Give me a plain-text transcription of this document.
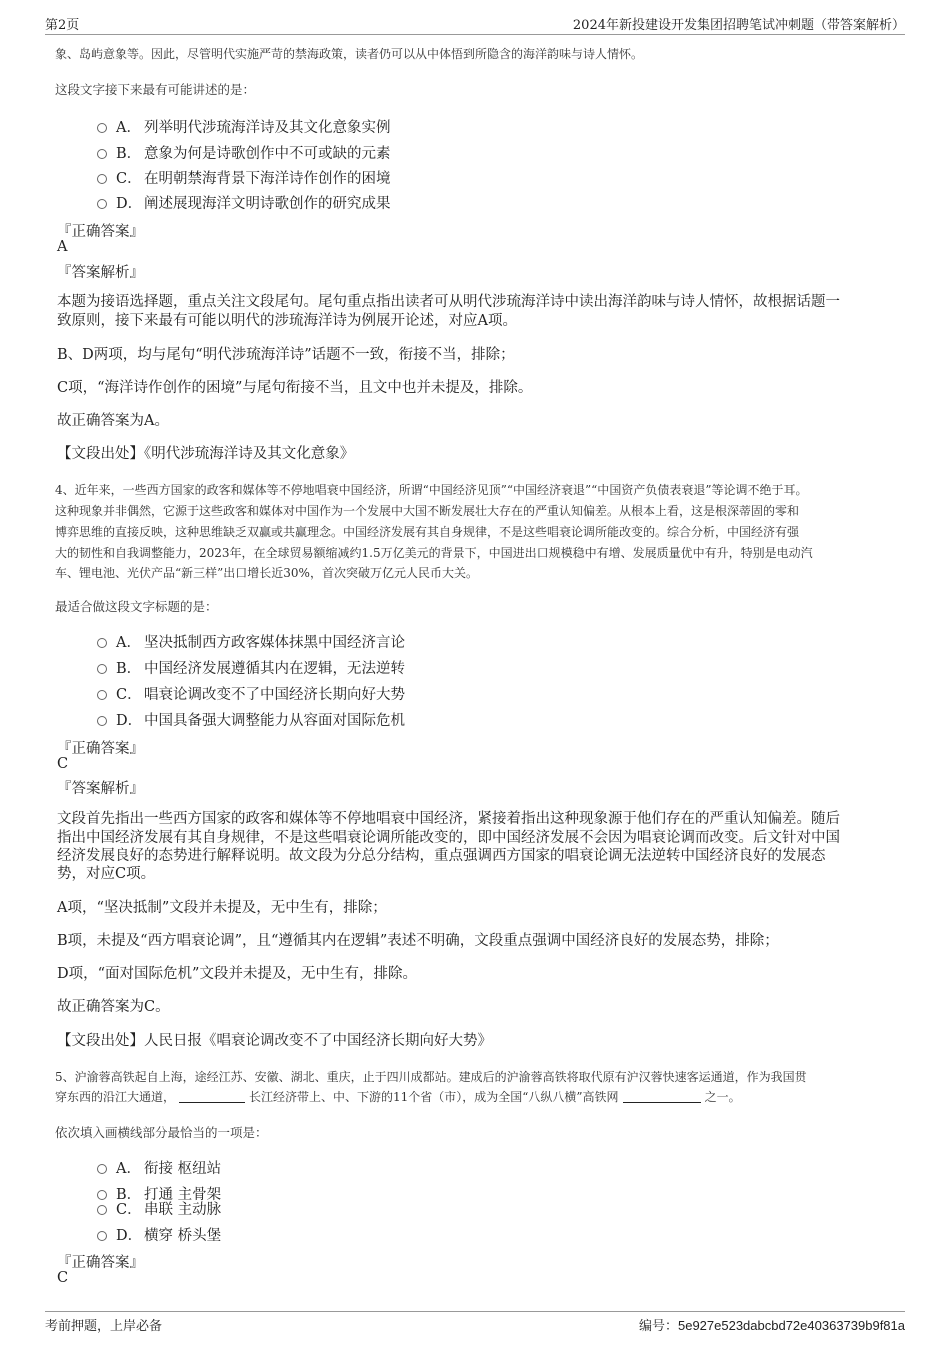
第2页	2024年新投建设开发集团招聘笔试冲刺题（带答案解析）
象、岛屿意象等。因此，尽管明代实施严苛的禁海政策，读者仍可以从中体悟到所隐含的海洋韵味与诗人情怀。
这段文字接下来最有可能讲述的是：
A． 列举明代涉琉海洋诗及其文化意象实例
B． 意象为何是诗歌创作中不可或缺的元素
C． 在明朝禁海背景下海洋诗作创作的困境
D． 阐述展现海洋文明诗歌创作的研究成果
『正确答案』
A
『答案解析』
本题为接语选择题，重点关注文段尾句。尾句重点指出读者可从明代涉琉海洋诗中读出海洋韵味与诗人情怀，故根据话题一
致原则，接下来最有可能以明代的涉琉海洋诗为例展开论述，对应A项。
B、D两项，均与尾句“明代涉琉海洋诗”话题不一致，衔接不当，排除；
C项，“海洋诗作创作的困境”与尾句衔接不当，且文中也并未提及，排除。
故正确答案为A。
【文段出处】《明代涉琉海洋诗及其文化意象》
4、近年来，一些西方国家的政客和媒体等不停地唱衰中国经济，所谓“中国经济见顶”“中国经济衰退”“中国资产负债表衰退”等论调不绝于耳。
这种现象并非偶然，它源于这些政客和媒体对中国作为一个发展中大国不断发展壮大存在的严重认知偏差。从根本上看，这是根深蒂固的零和
博弈思维的直接反映，这种思维缺乏双赢或共赢理念。中国经济发展有其自身规律，不是这些唱衰论调所能改变的。综合分析，中国经济有强
大的韧性和自我调整能力，2023年，在全球贸易额缩减约1.5万亿美元的背景下，中国进出口规模稳中有增、发展质量优中有升，特别是电动汽
车、锂电池、光伏产品“新三样”出口增长近30%，首次突破万亿元人民币大关。
最适合做这段文字标题的是：
A． 坚决抵制西方政客媒体抹黑中国经济言论
B． 中国经济发展遵循其内在逻辑，无法逆转
C． 唱衰论调改变不了中国经济长期向好大势
D． 中国具备强大调整能力从容面对国际危机
『正确答案』
C
『答案解析』
文段首先指出一些西方国家的政客和媒体等不停地唱衰中国经济，紧接着指出这种现象源于他们存在的严重认知偏差。随后
指出中国经济发展有其自身规律，不是这些唱衰论调所能改变的，即中国经济发展不会因为唱衰论调而改变。后文针对中国
经济发展良好的态势进行解释说明。故文段为分总分结构，重点强调西方国家的唱衰论调无法逆转中国经济良好的发展态
势，对应C项。
A项，“坚决抵制”文段并未提及，无中生有，排除；
B项，未提及“西方唱衰论调”，且“遵循其内在逻辑”表述不明确，文段重点强调中国经济良好的发展态势，排除；
D项，“面对国际危机”文段并未提及，无中生有，排除。
故正确答案为C。
【文段出处】人民日报《唱衰论调改变不了中国经济长期向好大势》
5、沪渝蓉高铁起自上海，途经江苏、安徽、湖北、重庆，止于四川成都站。建成后的沪渝蓉高铁将取代原有沪汉蓉快速客运通道，作为我国贯
穿东西的沿江大通道，	长江经济带上、中、下游的11个省（市），成为全国“八纵八横”高铁网	之一。
依次填入画横线部分最恰当的一项是：
A． 衔接 枢纽站
B． 打通 主骨架
C． 串联 主动脉
D． 横穿 桥头堡
『正确答案』
C
考前押题，上岸必备	编号：5e927e523dabcbd72e40363739b9f81a
